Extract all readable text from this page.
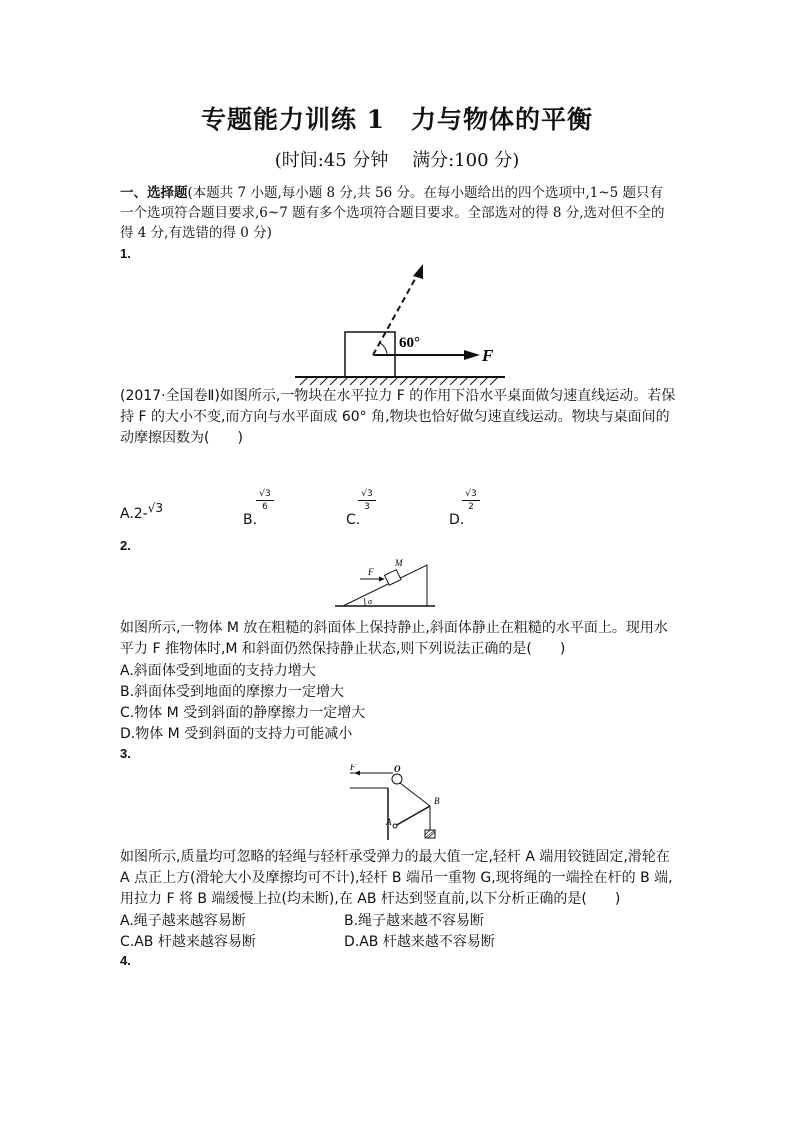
专题能力训练 1　力与物体的平衡
(时间:45 分钟　 满分:100 分)
一、选择题(本题共 7 小题,每小题 8 分,共 56 分。在每小题给出的四个选项中,1~5 题只有一个选项符合题目要求,6~7 题有多个选项符合题目要求。全部选对的得 8 分,选对但不全的得 4 分,有选错的得 0 分)
1.
60°
F
(2017·全国卷Ⅱ)如图所示,一物块在水平拉力 F 的作用下沿水平桌面做匀速直线运动。若保持 F 的大小不变,而方向与水平面成 60° 角,物块也恰好做匀速直线运动。物块与桌面间的动摩擦因数为(　　)
A.2-√3
B.
$\frac{√3}{6}$
C.
$\frac{√3}{3}$
D.
$\frac{√3}{2}$
2.
F
M
α
如图所示,一物体 M 放在粗糙的斜面体上保持静止,斜面体静止在粗糙的水平面上。现用水平力 F 推物体时,M 和斜面仍然保持静止状态,则下列说法正确的是(　　)
A.斜面体受到地面的支持力增大
B.斜面体受到地面的摩擦力一定增大
C.物体 M 受到斜面的静摩擦力一定增大
D.物体 M 受到斜面的支持力可能减小
3.
F	O
B
A
如图所示,质量均可忽略的轻绳与轻杆承受弹力的最大值一定,轻杆 A 端用铰链固定,滑轮在 A 点正上方(滑轮大小及摩擦均可不计),轻杆 B 端吊一重物 G,现将绳的一端拴在杆的 B 端,用拉力 F 将 B 端缓慢上拉(均未断),在 AB 杆达到竖直前,以下分析正确的是(　　)
A.绳子越来越容易断	B.绳子越来越不容易断
C.AB 杆越来越容易断	D.AB 杆越来越不容易断
4.
